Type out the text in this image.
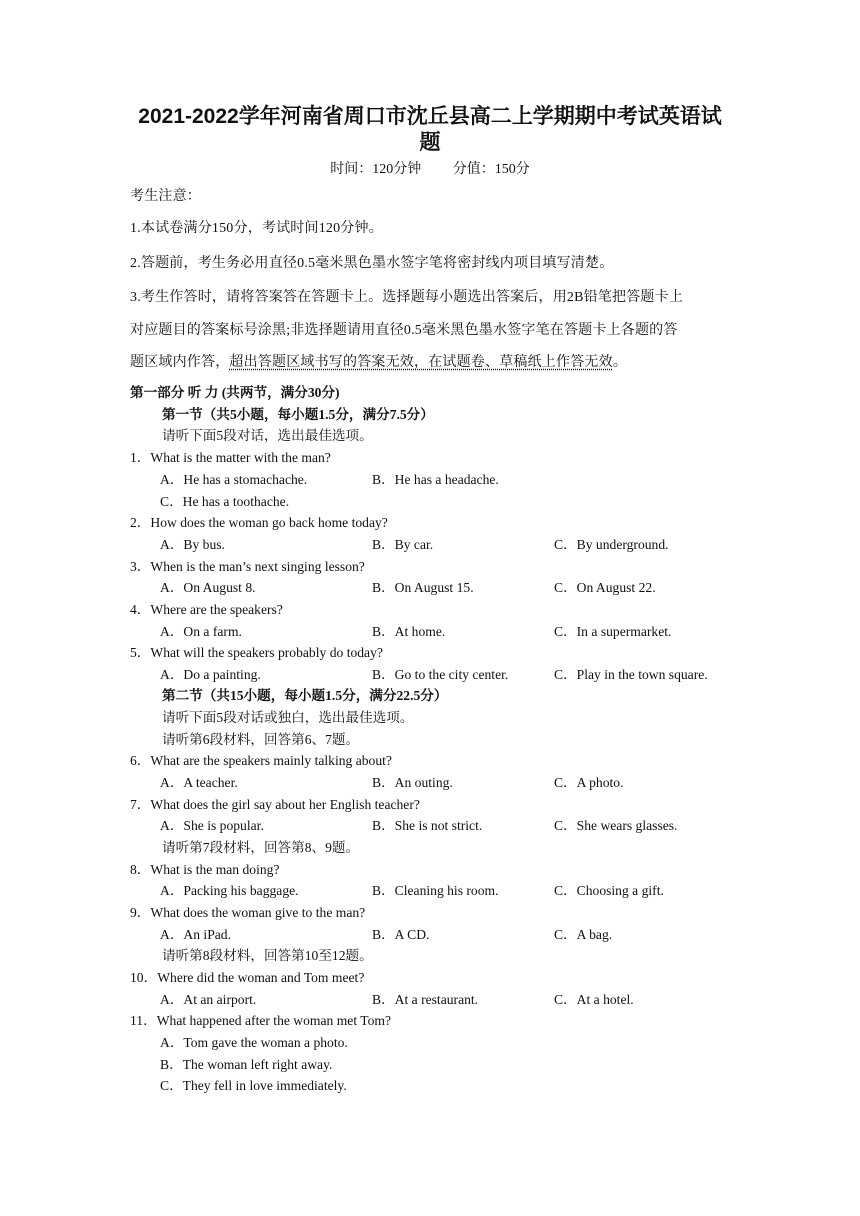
2021-2022学年河南省周口市沈丘县高二上学期期中考试英语试
题
时间：120分钟 分值：150分
考生注意：
1.本试卷满分150分，考试时间120分钟。
2.答题前，考生务必用直径0.5毫米黑色墨水签字笔将密封线内项目填写清楚。
3.考生作答时，请将答案答在答题卡上。选择题每小题选出答案后，用2B铅笔把答题卡上
对应题目的答案标号涂黑;非选择题请用直径0.5毫米黑色墨水签字笔在答题卡上各题的答
题区域内作答，超出答题区域书写的答案无效，在试题卷、草稿纸上作答无效。
第一部分 听 力 (共两节，满分30分)
第一节（共5小题，每小题1.5分，满分7.5分）
请听下面5段对话，选出最佳选项。
1．What is the matter with the man?
A．He has a stomachache.	B．He has a headache.
C．He has a toothache.
2．How does the woman go back home today?
A．By bus.	B．By car.	C．By underground.
3．When is the man’s next singing lesson?
A．On August 8.	B．On August 15.	C．On August 22.
4．Where are the speakers?
A．On a farm.	B．At home.	C．In a supermarket.
5．What will the speakers probably do today?
A．Do a painting.	B．Go to the city center.	C．Play in the town square.
第二节（共15小题，每小题1.5分，满分22.5分）
请听下面5段对话或独白，选出最佳选项。
请听第6段材料，回答第6、7题。
6．What are the speakers mainly talking about?
A．A teacher.	B．An outing.	C．A photo.
7．What does the girl say about her English teacher?
A．She is popular.	B．She is not strict.	C．She wears glasses.
请听第7段材料，回答第8、9题。
8．What is the man doing?
A．Packing his baggage.	B．Cleaning his room.	C．Choosing a gift.
9．What does the woman give to the man?
A．An iPad.	B．A CD.	C．A bag.
请听第8段材料，回答第10至12题。
10．Where did the woman and Tom meet?
A．At an airport.	B．At a restaurant.	C．At a hotel.
11．What happened after the woman met Tom?
A．Tom gave the woman a photo.
B．The woman left right away.
C．They fell in love immediately.
